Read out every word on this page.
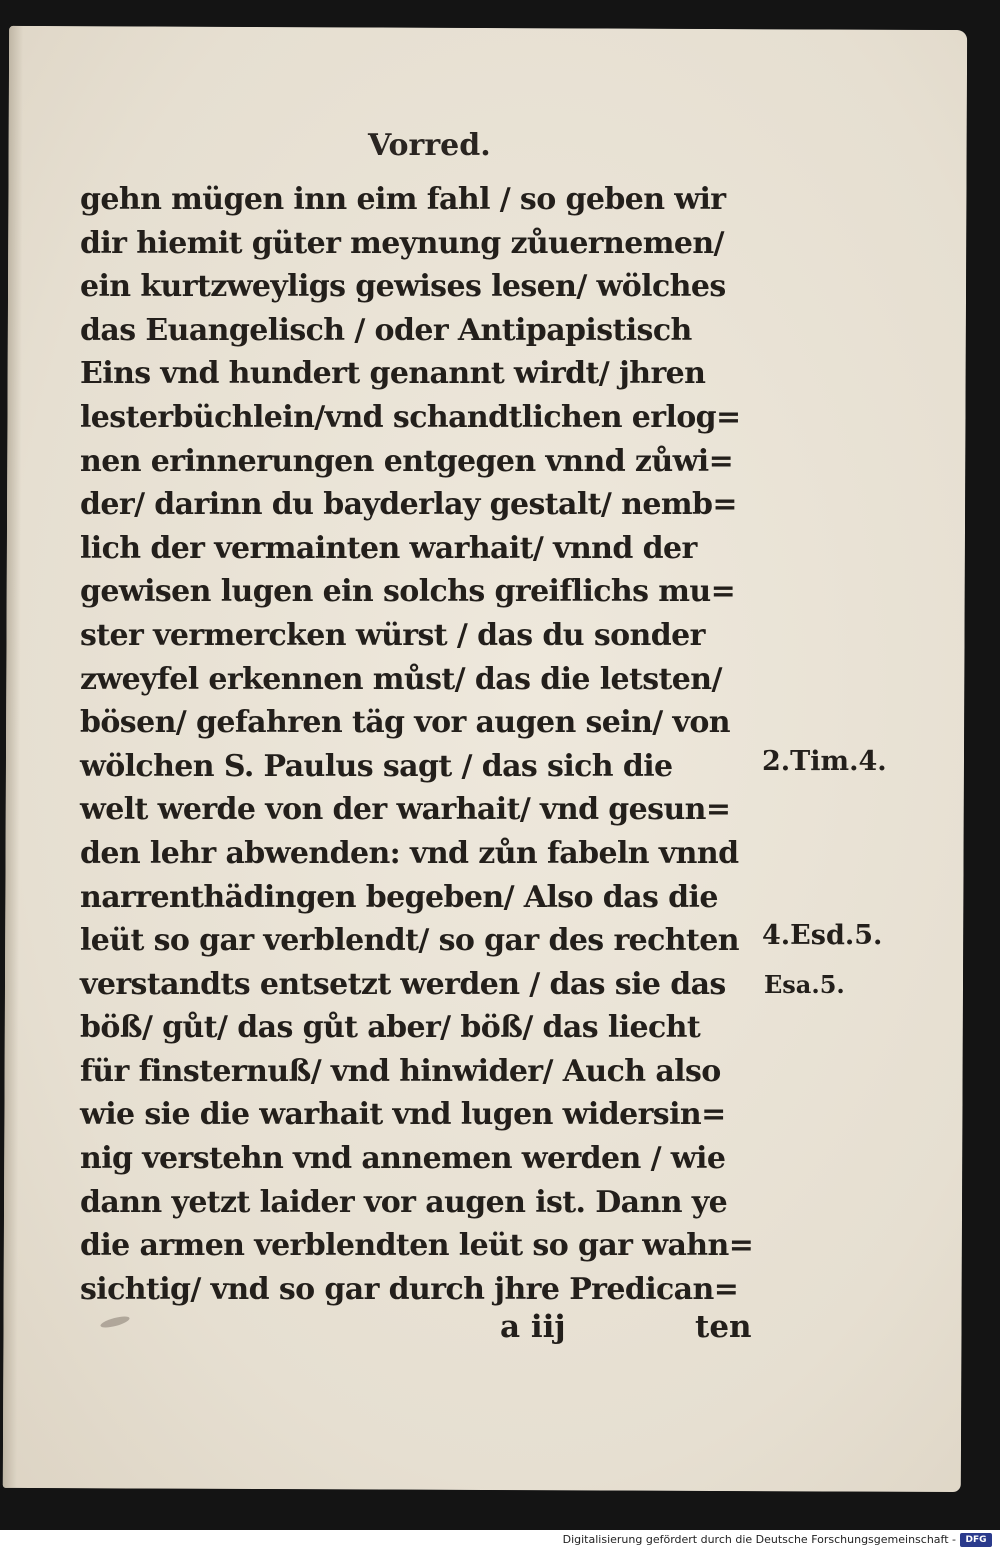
Vorred.
gehn mügen inn eim fahl / so geben wir
dir hiemit güter meynung zůuernemen/
ein kurtzweyligs gewises lesen/ wölches
das Euangelisch / oder Antipapistisch
Eins vnd hundert genannt wirdt/ jhren
lesterbüchlein/vnd schandtlichen erlog=
nen erinnerungen entgegen vnnd zůwi=
der/ darinn du bayderlay gestalt/ nemb=
lich der vermainten warhait/ vnnd der
gewisen lugen ein solchs greiflichs mu=
ster vermercken würst / das du sonder
zweyfel erkennen můst/ das die letsten/
bösen/ gefahren täg vor augen sein/ von
wölchen S. Paulus sagt / das sich die
welt werde von der warhait/ vnd gesun=
den lehr abwenden: vnd zůn fabeln vnnd
narrenthädingen begeben/ Also das die
leüt so gar verblendt/ so gar des rechten
verstandts entsetzt werden / das sie das
böß/ gůt/ das gůt aber/ böß/ das liecht
für finsternuß/ vnd hinwider/ Auch also
wie sie die warhait vnd lugen widersin=
nig verstehn vnd annemen werden / wie
dann yetzt laider vor augen ist. Dann ye
die armen verblendten leüt so gar wahn=
sichtig/ vnd so gar durch jhre Predican=
2.Tim.4.
4.Esd.5.
Esa.5.
a iij	ten
Digitalisierung gefördert durch die Deutsche Forschungsgemeinschaft -	DFG
